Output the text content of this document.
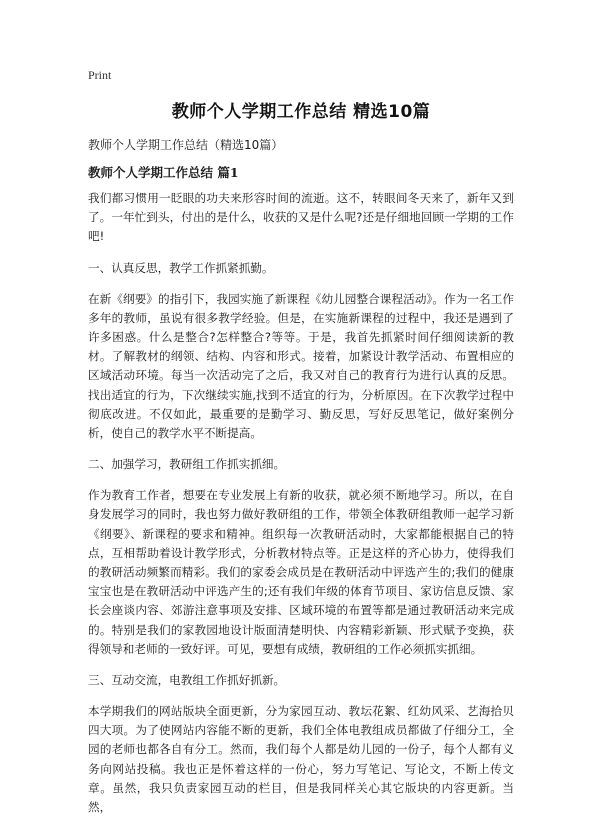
Print
教师个人学期工作总结 精选10篇
教师个人学期工作总结（精选10篇）
教师个人学期工作总结 篇1

我们都习惯用一眨眼的功夫来形容时间的流逝。这不，转眼间冬天来了，新年又到了。一年忙到头，付出的是什么，收获的又是什么呢?还是仔细地回顾一学期的工作吧!

一、认真反思，教学工作抓紧抓勤。

在新《纲要》的指引下，我园实施了新课程《幼儿园整合课程活动》。作为一名工作多年的教师，虽说有很多教学经验。但是，在实施新课程的过程中，我还是遇到了许多困惑。什么是整合?怎样整合?等等。于是，我首先抓紧时间仔细阅读新的教材。了解教材的纲领、结构、内容和形式。接着，加紧设计教学活动、布置相应的区域活动环境。每当一次活动完了之后，我又对自己的教育行为进行认真的反思。找出适宜的行为，下次继续实施,找到不适宜的行为，分析原因。在下次教学过程中彻底改进。不仅如此，最重要的是勤学习、勤反思，写好反思笔记，做好案例分析，使自己的教学水平不断提高。

二、加强学习，教研组工作抓实抓细。

作为教育工作者，想要在专业发展上有新的收获，就必须不断地学习。所以，在自身发展学习的同时，我也努力做好教研组的工作，带领全体教研组教师一起学习新《纲要》、新课程的要求和精神。组织每一次教研活动时，大家都能根据自己的特点，互相帮助着设计教学形式，分析教材特点等。正是这样的齐心协力，使得我们的教研活动频繁而精彩。我们的家委会成员是在教研活动中评选产生的;我们的健康宝宝也是在教研活动中评选产生的;还有我们年级的体育节项目、家访信息反馈、家长会座谈内容、郊游注意事项及安排、区域环境的布置等都是通过教研活动来完成的。特别是我们的家教园地设计版面清楚明快、内容精彩新颖、形式赋予变换，获得领导和老师的一致好评。可见，要想有成绩，教研组的工作必须抓实抓细。

三、互动交流，电教组工作抓好抓新。

本学期我们的网站版块全面更新，分为家园互动、教坛花絮、红幼风采、艺海拾贝四大项。为了使网站内容能不断的更新，我们全体电教组成员都做了仔细分工，全园的老师也都各自有分工。然而，我们每个人都是幼儿园的一份子，每个人都有义务向网站投稿。我也正是怀着这样的一份心，努力写笔记、写论文，不断上传文章。虽然，我只负责家园互动的栏目，但是我同样关心其它版块的内容更新。当然，
